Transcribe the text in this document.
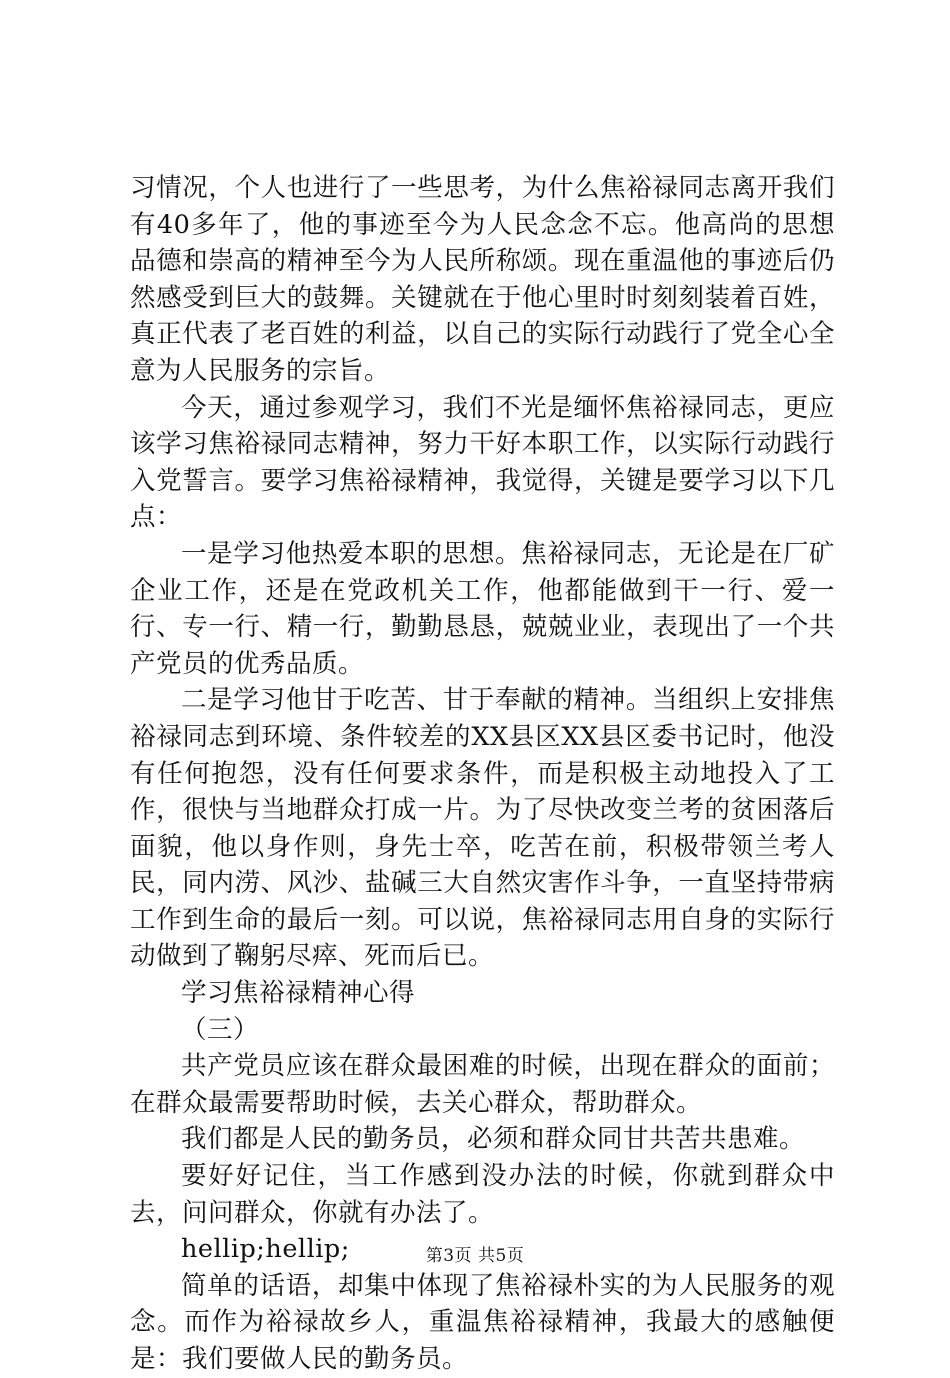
习情况，个人也进行了一些思考，为什么焦裕禄同志离开我们有40多年了，他的事迹至今为人民念念不忘。他高尚的思想品德和崇高的精神至今为人民所称颂。现在重温他的事迹后仍然感受到巨大的鼓舞。关键就在于他心里时时刻刻装着百姓，真正代表了老百姓的利益，以自己的实际行动践行了党全心全意为人民服务的宗旨。

今天，通过参观学习，我们不光是缅怀焦裕禄同志，更应该学习焦裕禄同志精神，努力干好本职工作，以实际行动践行入党誓言。要学习焦裕禄精神，我觉得，关键是要学习以下几点：

一是学习他热爱本职的思想。焦裕禄同志，无论是在厂矿企业工作，还是在党政机关工作，他都能做到干一行、爱一行、专一行、精一行，勤勤恳恳，兢兢业业，表现出了一个共产党员的优秀品质。

二是学习他甘于吃苦、甘于奉献的精神。当组织上安排焦裕禄同志到环境、条件较差的XX县区XX县区委书记时，他没有任何抱怨，没有任何要求条件，而是积极主动地投入了工作，很快与当地群众打成一片。为了尽快改变兰考的贫困落后面貌，他以身作则，身先士卒，吃苦在前，积极带领兰考人民，同内涝、风沙、盐碱三大自然灾害作斗争，一直坚持带病工作到生命的最后一刻。可以说，焦裕禄同志用自身的实际行动做到了鞠躬尽瘁、死而后已。

学习焦裕禄精神心得

（三）

共产党员应该在群众最困难的时候，出现在群众的面前；在群众最需要帮助时候，去关心群众，帮助群众。

我们都是人民的勤务员，必须和群众同甘共苦共患难。

要好好记住，当工作感到没办法的时候，你就到群众中去，问问群众，你就有办法了。

hellip;hellip;

简单的话语，却集中体现了焦裕禄朴实的为人民服务的观念。而作为裕禄故乡人，重温焦裕禄精神，我最大的感触便是：我们要做人民的勤务员。

第3页 共5页
